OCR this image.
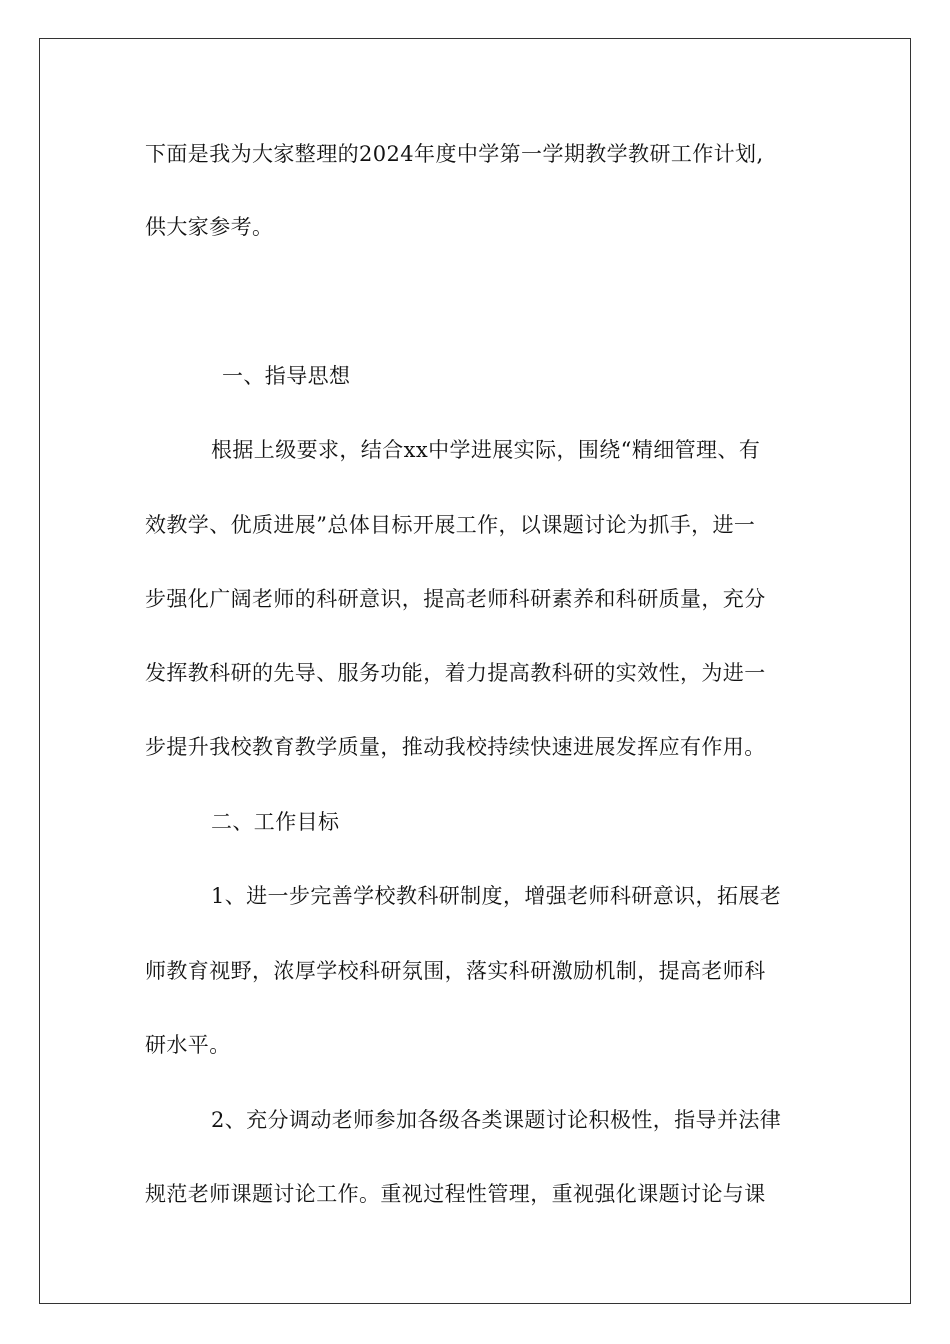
下面是我为大家整理的2024年度中学第一学期教学教研工作计划,
供大家参考。
一、指导思想
根据上级要求，结合xx中学进展实际，围绕“精细管理、有
效教学、优质进展”总体目标开展工作，以课题讨论为抓手，进一
步强化广阔老师的科研意识，提高老师科研素养和科研质量，充分
发挥教科研的先导、服务功能，着力提高教科研的实效性，为进一
步提升我校教育教学质量，推动我校持续快速进展发挥应有作用。
二、工作目标
1、进一步完善学校教科研制度，增强老师科研意识，拓展老
师教育视野，浓厚学校科研氛围，落实科研激励机制，提高老师科
研水平。
2、充分调动老师参加各级各类课题讨论积极性，指导并法律
规范老师课题讨论工作。重视过程性管理，重视强化课题讨论与课
